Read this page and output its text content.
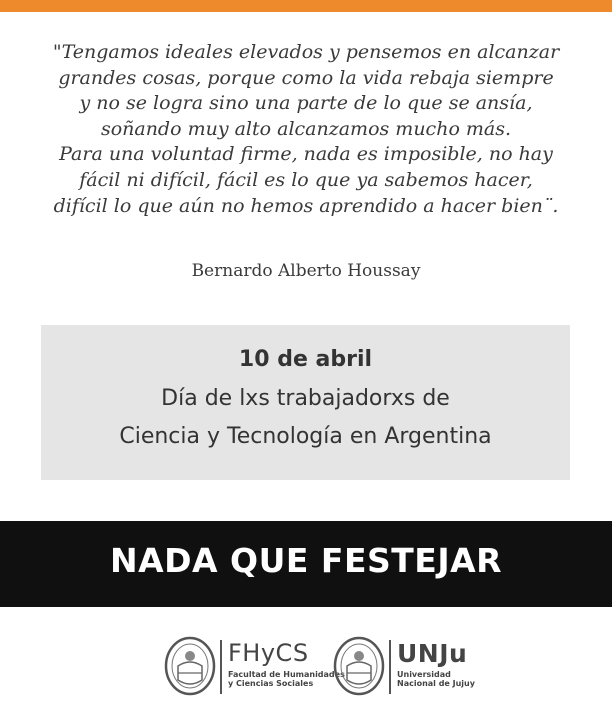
"Tengamos ideales elevados y pensemos en alcanzar
grandes cosas, porque como la vida rebaja siempre
y no se logra sino una parte de lo que se ansía,
soñando muy alto alcanzamos mucho más.
Para una voluntad firme, nada es imposible, no hay
fácil ni difícil, fácil es lo que ya sabemos hacer,
difícil lo que aún no hemos aprendido a hacer bien¨.
Bernardo Alberto Houssay
10 de abril
Día de lxs trabajadorxs de
Ciencia y Tecnología en Argentina
NADA QUE FESTEJAR
FHyCS
Facultad de Humanidades
y Ciencias Sociales
UNJu
Universidad
Nacional de Jujuy
